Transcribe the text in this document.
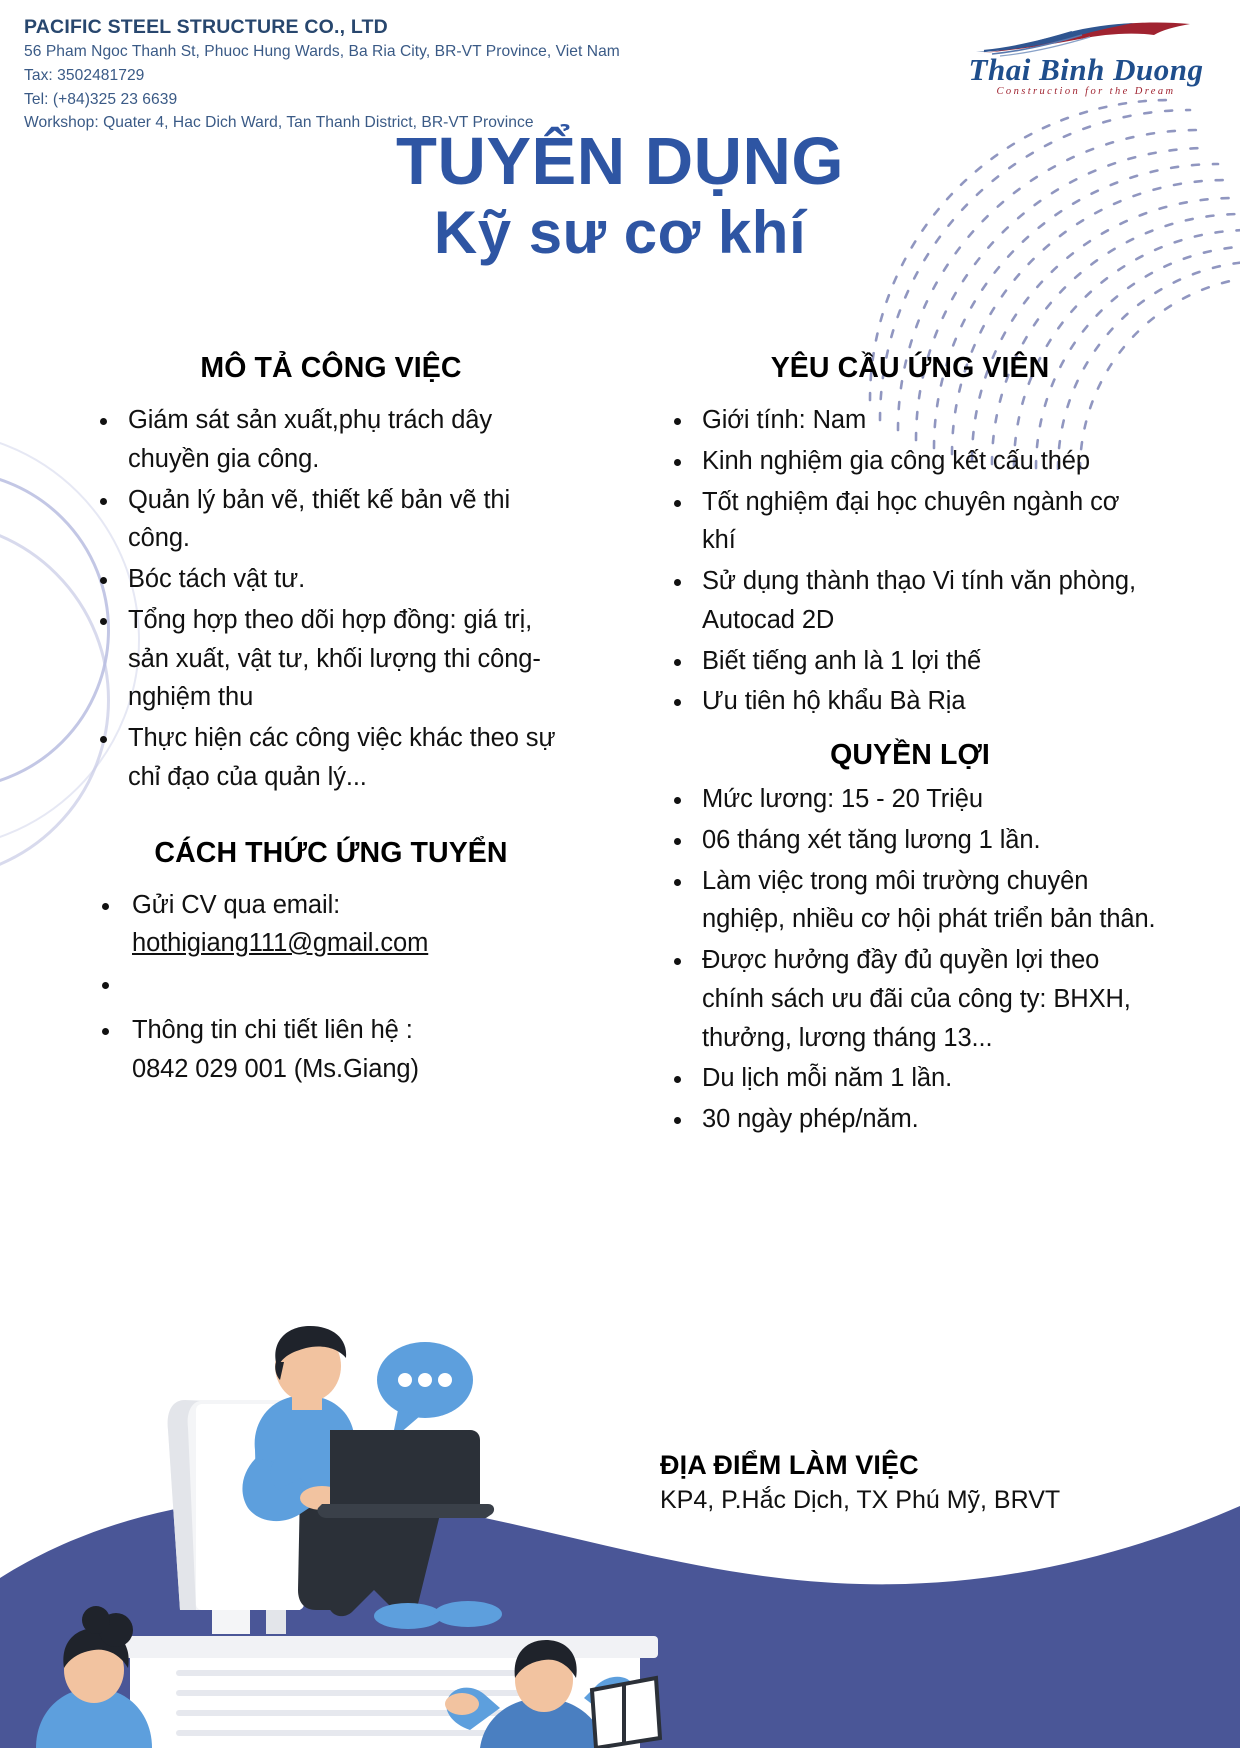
PACIFIC STEEL STRUCTURE CO., LTD
56 Pham Ngoc Thanh St, Phuoc Hung Wards, Ba Ria City, BR-VT Province, Viet Nam
Tax: 3502481729
Tel: (+84)325 23 6639
Workshop: Quater 4, Hac Dich Ward, Tan Thanh District, BR-VT Province
Thai Binh Duong
Construction for the Dream
TUYỂN DỤNG
Kỹ sư cơ khí
MÔ TẢ CÔNG VIỆC
Giám sát sản xuất,phụ trách dây chuyền gia công.
Quản lý bản vẽ, thiết kế bản vẽ thi công.
Bóc tách vật tư.
Tổng hợp theo dõi hợp đồng: giá trị, sản xuất, vật tư, khối lượng thi công- nghiệm thu
Thực hiện các công việc khác theo sự chỉ đạo của quản lý...
CÁCH THỨC ỨNG TUYỂN
Gửi CV qua email:
hothigiang111@gmail.com
Thông tin chi tiết liên hệ :
0842 029 001 (Ms.Giang)
YÊU CẦU ỨNG VIÊN
Giới tính: Nam
Kinh nghiệm gia công kết cấu thép
Tốt nghiệm đại học chuyên ngành cơ khí
Sử dụng thành thạo Vi tính văn phòng, Autocad 2D
Biết tiếng anh là 1 lợi thế
Ưu tiên hộ khẩu Bà Rịa
QUYỀN LỢI
Mức lương: 15 - 20 Triệu
06 tháng xét tăng lương 1 lần.
Làm việc trong môi trường chuyên nghiệp, nhiều cơ hội phát triển bản thân.
Được hưởng đầy đủ quyền lợi theo chính sách ưu đãi của công ty: BHXH, thưởng, lương tháng 13...
Du lịch mỗi năm 1 lần.
30 ngày phép/năm.
ĐỊA ĐIỂM LÀM VIỆC
KP4, P.Hắc Dịch, TX Phú Mỹ, BRVT
